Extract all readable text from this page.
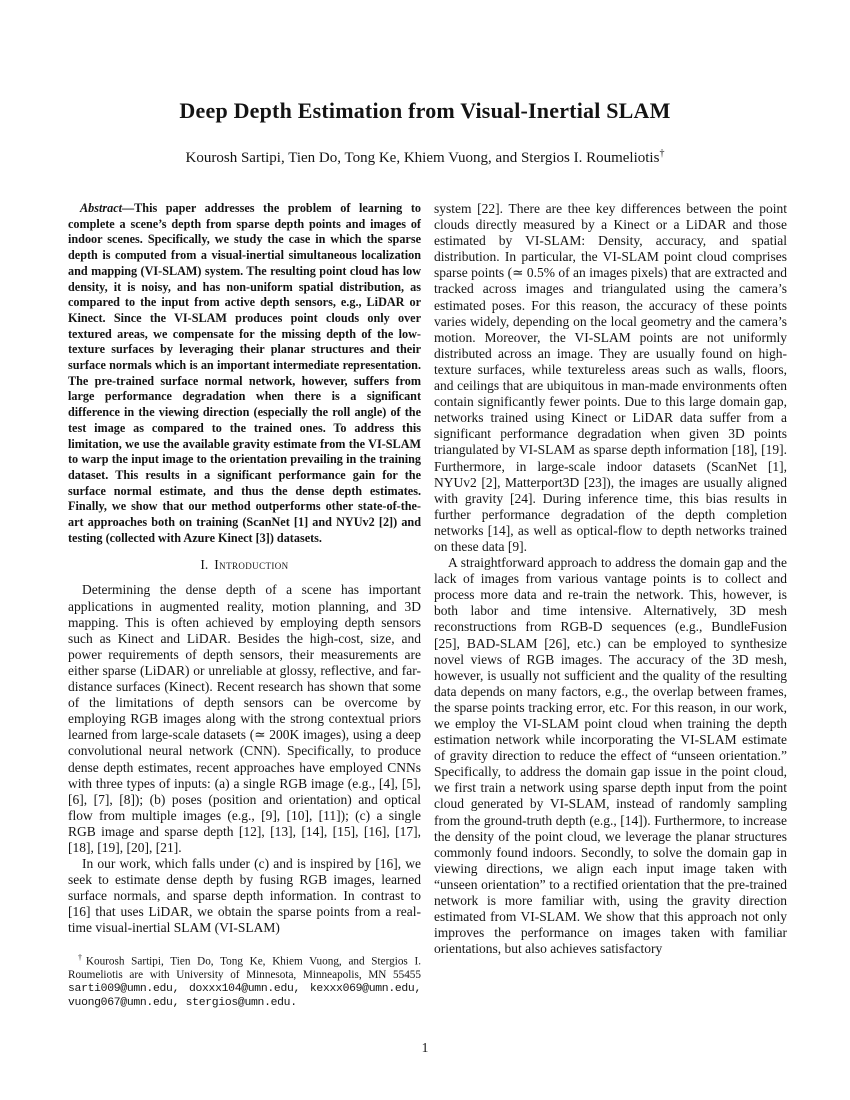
Deep Depth Estimation from Visual-Inertial SLAM
Kourosh Sartipi, Tien Do, Tong Ke, Khiem Vuong, and Stergios I. Roumeliotis†

Abstract—This paper addresses the problem of learning to complete a scene’s depth from sparse depth points and images of indoor scenes. Specifically, we study the case in which the sparse depth is computed from a visual-inertial simultaneous localization and mapping (VI-SLAM) system. The resulting point cloud has low density, it is noisy, and has non-uniform spatial distribution, as compared to the input from active depth sensors, e.g., LiDAR or Kinect. Since the VI-SLAM produces point clouds only over textured areas, we compensate for the missing depth of the low-texture surfaces by leveraging their planar structures and their surface normals which is an important intermediate representation. The pre-trained surface normal network, however, suffers from large performance degradation when there is a significant difference in the viewing direction (especially the roll angle) of the test image as compared to the trained ones. To address this limitation, we use the available gravity estimate from the VI-SLAM to warp the input image to the orientation prevailing in the training dataset. This results in a significant performance gain for the surface normal estimate, and thus the dense depth estimates. Finally, we show that our method outperforms other state-of-the-art approaches both on training (ScanNet [1] and NYUv2 [2]) and testing (collected with Azure Kinect [3]) datasets.

I. Introduction

Determining the dense depth of a scene has important applications in augmented reality, motion planning, and 3D mapping. This is often achieved by employing depth sensors such as Kinect and LiDAR. Besides the high-cost, size, and power requirements of depth sensors, their measurements are either sparse (LiDAR) or unreliable at glossy, reflective, and far-distance surfaces (Kinect). Recent research has shown that some of the limitations of depth sensors can be overcome by employing RGB images along with the strong contextual priors learned from large-scale datasets (≃ 200K images), using a deep convolutional neural network (CNN). Specifically, to produce dense depth estimates, recent approaches have employed CNNs with three types of inputs: (a) a single RGB image (e.g., [4], [5], [6], [7], [8]); (b) poses (position and orientation) and optical flow from multiple images (e.g., [9], [10], [11]); (c) a single RGB image and sparse depth [12], [13], [14], [15], [16], [17], [18], [19], [20], [21].

In our work, which falls under (c) and is inspired by [16], we seek to estimate dense depth by fusing RGB images, learned surface normals, and sparse depth information. In contrast to [16] that uses LiDAR, we obtain the sparse points from a real-time visual-inertial SLAM (VI-SLAM)

†Kourosh Sartipi, Tien Do, Tong Ke, Khiem Vuong, and Stergios I. Roumeliotis are with University of Minnesota, Minneapolis, MN 55455 sarti009@umn.edu, doxxx104@umn.edu, kexxx069@umn.edu, vuong067@umn.edu, stergios@umn.edu.

system [22]. There are thee key differences between the point clouds directly measured by a Kinect or a LiDAR and those estimated by VI-SLAM: Density, accuracy, and spatial distribution. In particular, the VI-SLAM point cloud comprises sparse points (≃ 0.5% of an images pixels) that are extracted and tracked across images and triangulated using the camera’s estimated poses. For this reason, the accuracy of these points varies widely, depending on the local geometry and the camera’s motion. Moreover, the VI-SLAM points are not uniformly distributed across an image. They are usually found on high-texture surfaces, while textureless areas such as walls, floors, and ceilings that are ubiquitous in man-made environments often contain significantly fewer points. Due to this large domain gap, networks trained using Kinect or LiDAR data suffer from a significant performance degradation when given 3D points triangulated by VI-SLAM as sparse depth information [18], [19]. Furthermore, in large-scale indoor datasets (ScanNet [1], NYUv2 [2], Matterport3D [23]), the images are usually aligned with gravity [24]. During inference time, this bias results in further performance degradation of the depth completion networks [14], as well as optical-flow to depth networks trained on these data [9].

A straightforward approach to address the domain gap and the lack of images from various vantage points is to collect and process more data and re-train the network. This, however, is both labor and time intensive. Alternatively, 3D mesh reconstructions from RGB-D sequences (e.g., BundleFusion [25], BAD-SLAM [26], etc.) can be employed to synthesize novel views of RGB images. The accuracy of the 3D mesh, however, is usually not sufficient and the quality of the resulting data depends on many factors, e.g., the overlap between frames, the sparse points tracking error, etc. For this reason, in our work, we employ the VI-SLAM point cloud when training the depth estimation network while incorporating the VI-SLAM estimate of gravity direction to reduce the effect of “unseen orientation.” Specifically, to address the domain gap issue in the point cloud, we first train a network using sparse depth input from the point cloud generated by VI-SLAM, instead of randomly sampling from the ground-truth depth (e.g., [14]). Furthermore, to increase the density of the point cloud, we leverage the planar structures commonly found indoors. Secondly, to solve the domain gap in viewing directions, we align each input image taken with “unseen orientation” to a rectified orientation that the pre-trained network is more familiar with, using the gravity direction estimated from VI-SLAM. We show that this approach not only improves the performance on images taken with familiar orientations, but also achieves satisfactory

1
